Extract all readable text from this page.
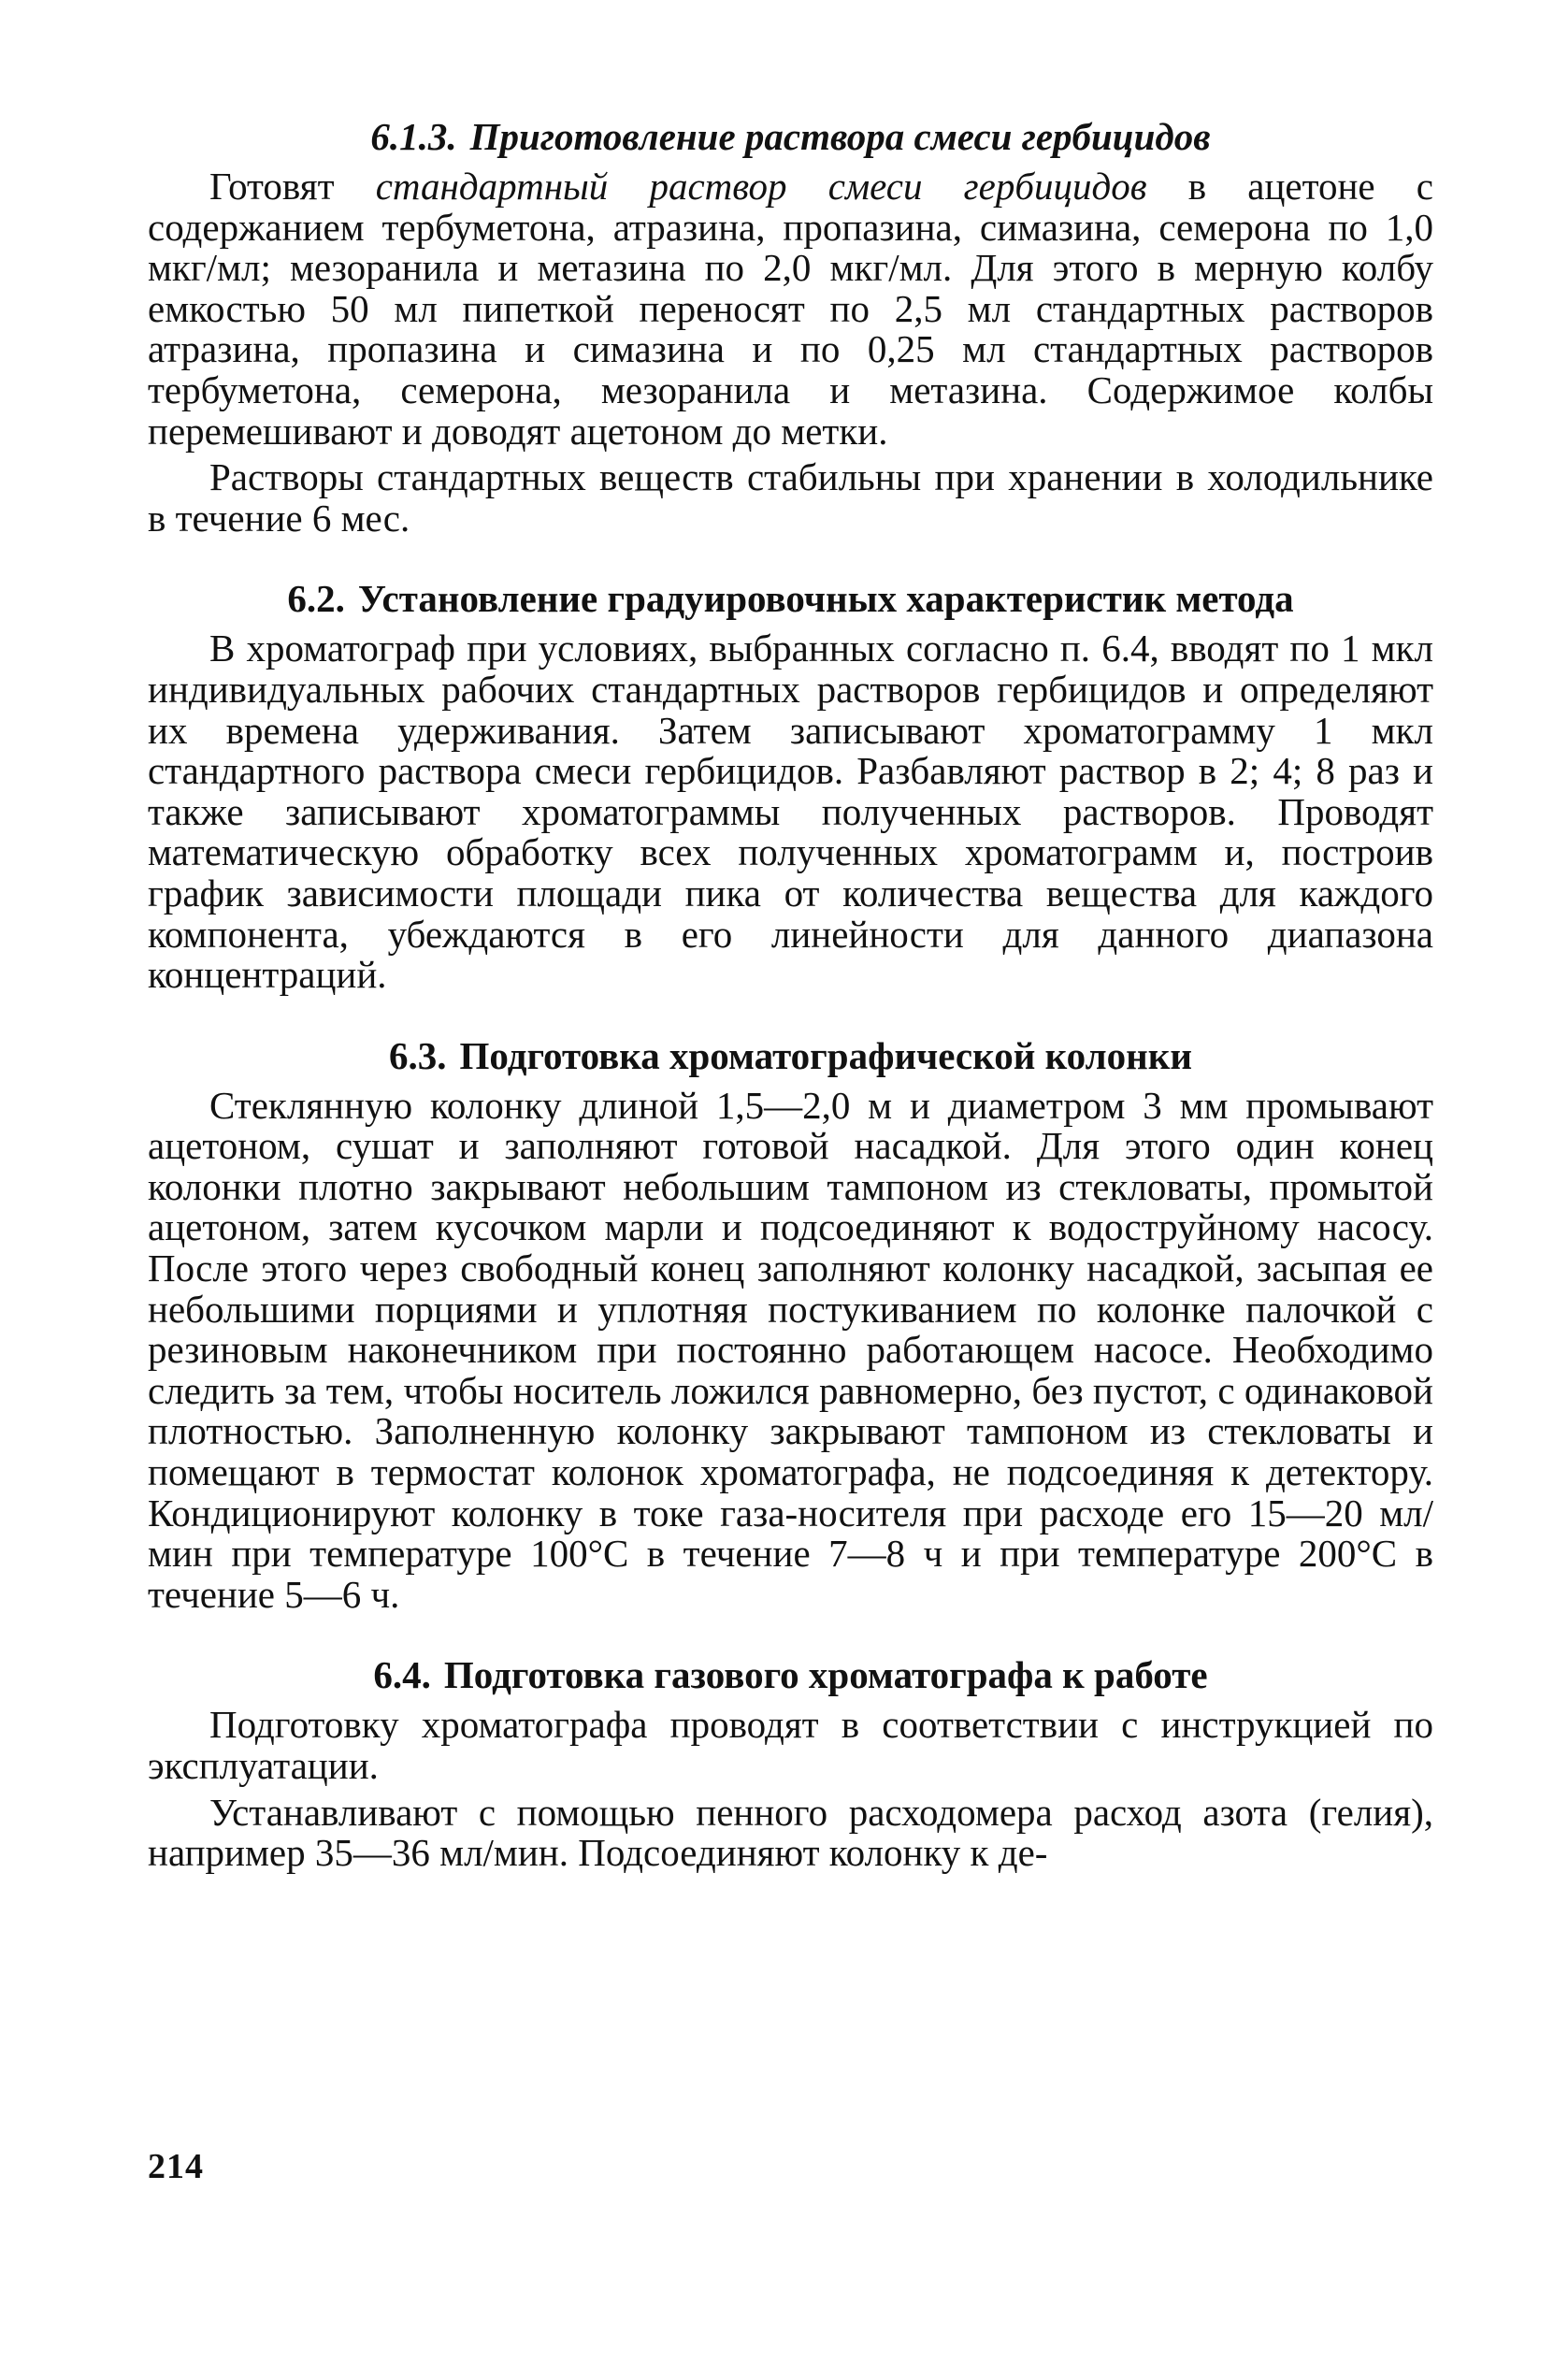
6.1.3. Приготовление раствора смеси гербицидов

Готовят стандартный раствор смеси гербицидов в ацетоне с содержанием тербуметона, атразина, пропазина, симазина, семерона по 1,0 мкг/мл; мезоранила и метазина по 2,0 мкг/мл. Для этого в мерную колбу емкостью 50 мл пипеткой переносят по 2,5 мл стандартных растворов атразина, пропазина и симазина и по 0,25 мл стандартных растворов тербуметона, семерона, мезоранила и метазина. Содержимое колбы перемешивают и доводят ацетоном до метки.

Растворы стандартных веществ стабильны при хранении в холодильнике в течение 6 мес.

6.2. Установление градуировочных характеристик метода

В хроматограф при условиях, выбранных согласно п. 6.4, вводят по 1 мкл индивидуальных рабочих стандартных растворов гербицидов и определяют их времена удерживания. Затем записывают хроматограмму 1 мкл стандартного раствора смеси гербицидов. Разбавляют раствор в 2; 4; 8 раз и также записывают хроматограммы полученных растворов. Проводят математическую обработку всех полученных хроматограмм и, построив график зависимости площади пика от количества вещества для каждого компонента, убеждаются в его линейности для данного диапазона концентраций.

6.3. Подготовка хроматографической колонки

Стеклянную колонку длиной 1,5—2,0 м и диаметром 3 мм промывают ацетоном, сушат и заполняют готовой насадкой. Для этого один конец колонки плотно закрывают небольшим тампоном из стекловаты, промытой ацетоном, затем кусочком марли и подсоединяют к водоструйному насосу. После этого через свободный конец заполняют колонку насадкой, засыпая ее небольшими порциями и уплотняя постукиванием по колонке палочкой с резиновым наконечником при постоянно работающем насосе. Необходимо следить за тем, чтобы носитель ложился равномерно, без пустот, с одинаковой плотностью. Заполненную колонку закрывают тампоном из стекловаты и помещают в термостат колонок хроматографа, не подсоединяя к детектору. Кондиционируют колонку в токе газа-носителя при расходе его 15—20 мл/мин при температуре 100°С в течение 7—8 ч и при температуре 200°С в течение 5—6 ч.

6.4. Подготовка газового хроматографа к работе

Подготовку хроматографа проводят в соответствии с инструкцией по эксплуатации.

Устанавливают с помощью пенного расходомера расход азота (гелия), например 35—36 мл/мин. Подсоединяют колонку к де-

214
